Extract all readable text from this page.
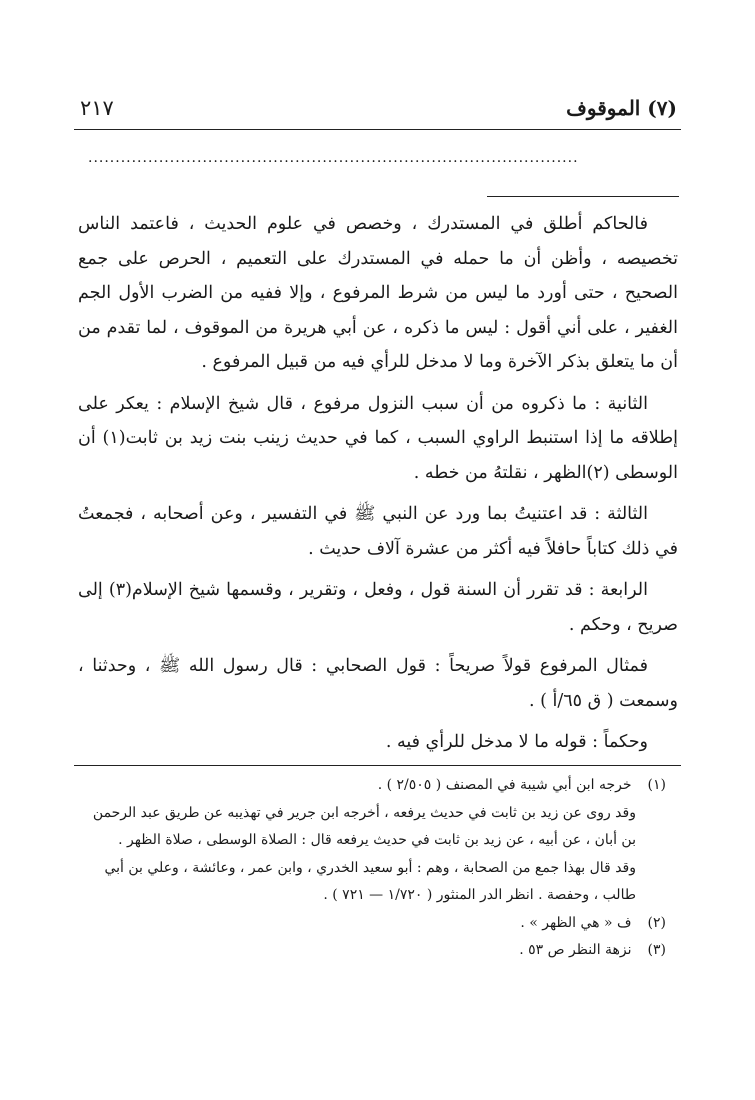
٢١٧	(٧) الموقوف
..........................................................................................

فالحاكم أطلق في المستدرك ، وخصص في علوم الحديث ، فاعتمد الناس تخصيصه ، وأظن أن ما حمله في المستدرك على التعميم ، الحرص على جمع الصحيح ، حتى أورد ما ليس من شرط المرفوع ، وإلا ففيه من الضرب الأول الجم الغفير ، على أني أقول : ليس ما ذكره ، عن أبي هريرة من الموقوف ، لما تقدم من أن ما يتعلق بذكر الآخرة وما لا مدخل للرأي فيه من قبيل المرفوع .

الثانية : ما ذكروه من أن سبب النزول مرفوع ، قال شيخ الإسلام : يعكر على إطلاقه ما إذا استنبط الراوي السبب ، كما في حديث زينب بنت زيد بن ثابت(١) أن الوسطى (٢)الظهر ، نقلتهُ من خطه .

الثالثة : قد اعتنيتُ بما ورد عن النبي ﷺ في التفسير ، وعن أصحابه ، فجمعتُ في ذلك كتاباً حافلاً فيه أكثر من عشرة آلاف حديث .

الرابعة : قد تقرر أن السنة قول ، وفعل ، وتقرير ، وقسمها شيخ الإسلام(٣) إلى صريح ، وحكم .

فمثال المرفوع قولاً صريحاً : قول الصحابي : قال رسول الله ﷺ ، وحدثنا ، وسمعت ( ق ٦٥/أ ) .

وحكماً : قوله ما لا مدخل للرأي فيه .

(١) خرجه ابن أبي شيبة في المصنف ( ٢/٥٠٥ ) .

وقد روى عن زيد بن ثابت في حديث يرفعه ، أخرجه ابن جرير في تهذيبه عن طريق عبد الرحمن بن أبان ، عن أبيه ، عن زيد بن ثابت في حديث يرفعه قال : الصلاة الوسطى ، صلاة الظهر .

وقد قال بهذا جمع من الصحابة ، وهم : أبو سعيد الخدري ، وابن عمر ، وعائشة ، وعلي بن أبي طالب ، وحفصة . انظر الدر المنثور ( ١/٧٢٠ — ٧٢١ ) .

(٢) ف « هي الظهر » .

(٣) نزهة النظر ص ٥٣ .
